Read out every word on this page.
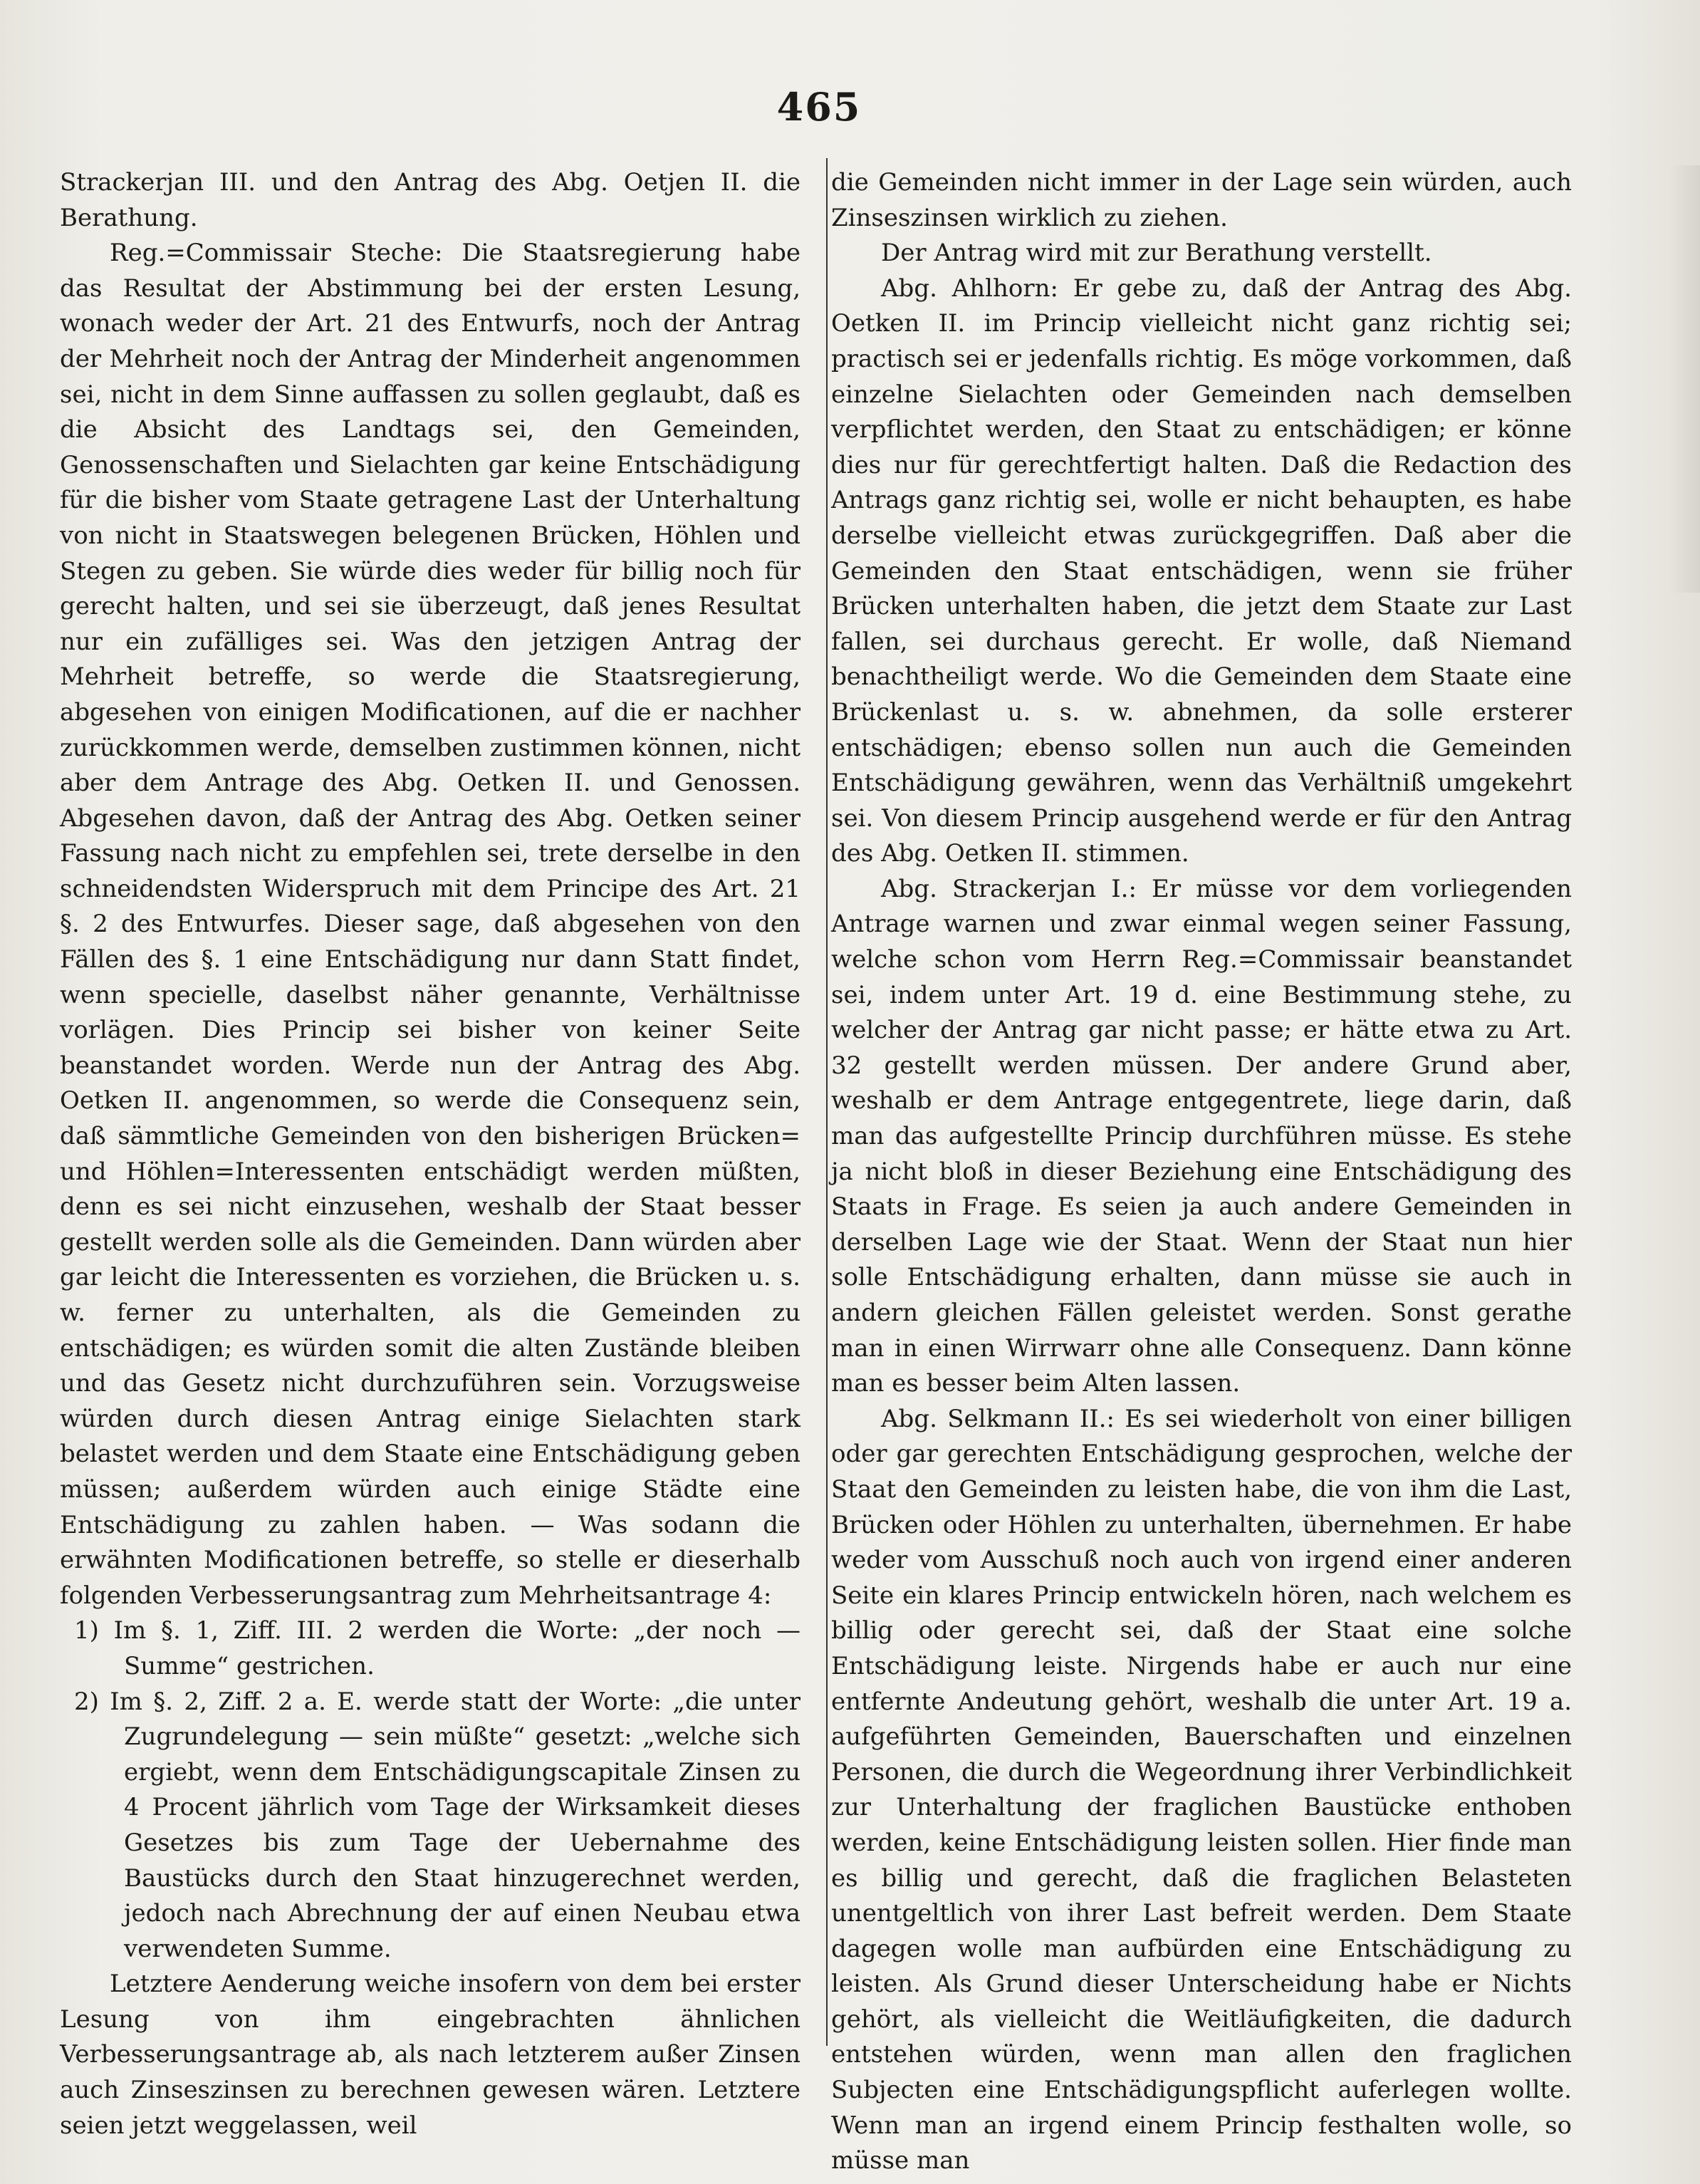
465

Strackerjan III. und den Antrag des Abg. Oetjen II. die Berathung.

Reg.=Commissair Steche: Die Staatsregierung habe das Resultat der Abstimmung bei der ersten Lesung, wonach weder der Art. 21 des Entwurfs, noch der Antrag der Mehrheit noch der Antrag der Minderheit angenommen sei, nicht in dem Sinne auffassen zu sollen geglaubt, daß es die Absicht des Landtags sei, den Gemeinden, Genossenschaften und Sielachten gar keine Entschädigung für die bisher vom Staate getragene Last der Unterhaltung von nicht in Staatswegen belegenen Brücken, Höhlen und Stegen zu geben. Sie würde dies weder für billig noch für gerecht halten, und sei sie überzeugt, daß jenes Resultat nur ein zufälliges sei. Was den jetzigen Antrag der Mehrheit betreffe, so werde die Staatsregierung, abgesehen von einigen Modificationen, auf die er nachher zurückkommen werde, demselben zustimmen können, nicht aber dem Antrage des Abg. Oetken II. und Genossen. Abgesehen davon, daß der Antrag des Abg. Oetken seiner Fassung nach nicht zu empfehlen sei, trete derselbe in den schneidendsten Widerspruch mit dem Principe des Art. 21 §. 2 des Entwurfes. Dieser sage, daß abgesehen von den Fällen des §. 1 eine Entschädigung nur dann Statt findet, wenn specielle, daselbst näher genannte, Verhältnisse vorlägen. Dies Princip sei bisher von keiner Seite beanstandet worden. Werde nun der Antrag des Abg. Oetken II. angenommen, so werde die Consequenz sein, daß sämmtliche Gemeinden von den bisherigen Brücken= und Höhlen=Interessenten entschädigt werden müßten, denn es sei nicht einzusehen, weshalb der Staat besser gestellt werden solle als die Gemeinden. Dann würden aber gar leicht die Interessenten es vorziehen, die Brücken u. s. w. ferner zu unterhalten, als die Gemeinden zu entschädigen; es würden somit die alten Zustände bleiben und das Gesetz nicht durchzuführen sein. Vorzugsweise würden durch diesen Antrag einige Sielachten stark belastet werden und dem Staate eine Entschädigung geben müssen; außerdem würden auch einige Städte eine Entschädigung zu zahlen haben. — Was sodann die erwähnten Modificationen betreffe, so stelle er dieserhalb folgenden Verbesserungsantrag zum Mehrheitsantrage 4:

1) Im §. 1, Ziff. III. 2 werden die Worte: „der noch — Summe“ gestrichen.

2) Im §. 2, Ziff. 2 a. E. werde statt der Worte: „die unter Zugrundelegung — sein müßte“ gesetzt: „welche sich ergiebt, wenn dem Entschädigungscapitale Zinsen zu 4 Procent jährlich vom Tage der Wirksamkeit dieses Gesetzes bis zum Tage der Uebernahme des Baustücks durch den Staat hinzugerechnet werden, jedoch nach Abrechnung der auf einen Neubau etwa verwendeten Summe.

Letztere Aenderung weiche insofern von dem bei erster Lesung von ihm eingebrachten ähnlichen Verbesserungsantrage ab, als nach letzterem außer Zinsen auch Zinseszinsen zu berechnen gewesen wären. Letztere seien jetzt weggelassen, weil

die Gemeinden nicht immer in der Lage sein würden, auch Zinseszinsen wirklich zu ziehen.

Der Antrag wird mit zur Berathung verstellt.

Abg. Ahlhorn: Er gebe zu, daß der Antrag des Abg. Oetken II. im Princip vielleicht nicht ganz richtig sei; practisch sei er jedenfalls richtig. Es möge vorkommen, daß einzelne Sielachten oder Gemeinden nach demselben verpflichtet werden, den Staat zu entschädigen; er könne dies nur für gerechtfertigt halten. Daß die Redaction des Antrags ganz richtig sei, wolle er nicht behaupten, es habe derselbe vielleicht etwas zurückgegriffen. Daß aber die Gemeinden den Staat entschädigen, wenn sie früher Brücken unterhalten haben, die jetzt dem Staate zur Last fallen, sei durchaus gerecht. Er wolle, daß Niemand benachtheiligt werde. Wo die Gemeinden dem Staate eine Brückenlast u. s. w. abnehmen, da solle ersterer entschädigen; ebenso sollen nun auch die Gemeinden Entschädigung gewähren, wenn das Verhältniß umgekehrt sei. Von diesem Princip ausgehend werde er für den Antrag des Abg. Oetken II. stimmen.

Abg. Strackerjan I.: Er müsse vor dem vorliegenden Antrage warnen und zwar einmal wegen seiner Fassung, welche schon vom Herrn Reg.=Commissair beanstandet sei, indem unter Art. 19 d. eine Bestimmung stehe, zu welcher der Antrag gar nicht passe; er hätte etwa zu Art. 32 gestellt werden müssen. Der andere Grund aber, weshalb er dem Antrage entgegentrete, liege darin, daß man das aufgestellte Princip durchführen müsse. Es stehe ja nicht bloß in dieser Beziehung eine Entschädigung des Staats in Frage. Es seien ja auch andere Gemeinden in derselben Lage wie der Staat. Wenn der Staat nun hier solle Entschädigung erhalten, dann müsse sie auch in andern gleichen Fällen geleistet werden. Sonst gerathe man in einen Wirrwarr ohne alle Consequenz. Dann könne man es besser beim Alten lassen.

Abg. Selkmann II.: Es sei wiederholt von einer billigen oder gar gerechten Entschädigung gesprochen, welche der Staat den Gemeinden zu leisten habe, die von ihm die Last, Brücken oder Höhlen zu unterhalten, übernehmen. Er habe weder vom Ausschuß noch auch von irgend einer anderen Seite ein klares Princip entwickeln hören, nach welchem es billig oder gerecht sei, daß der Staat eine solche Entschädigung leiste. Nirgends habe er auch nur eine entfernte Andeutung gehört, weshalb die unter Art. 19 a. aufgeführten Gemeinden, Bauerschaften und einzelnen Personen, die durch die Wegeordnung ihrer Verbindlichkeit zur Unterhaltung der fraglichen Baustücke enthoben werden, keine Entschädigung leisten sollen. Hier finde man es billig und gerecht, daß die fraglichen Belasteten unentgeltlich von ihrer Last befreit werden. Dem Staate dagegen wolle man aufbürden eine Entschädigung zu leisten. Als Grund dieser Unterscheidung habe er Nichts gehört, als vielleicht die Weitläufigkeiten, die dadurch entstehen würden, wenn man allen den fraglichen Subjecten eine Entschädigungspflicht auferlegen wollte. Wenn man an irgend einem Princip festhalten wolle, so müsse man
